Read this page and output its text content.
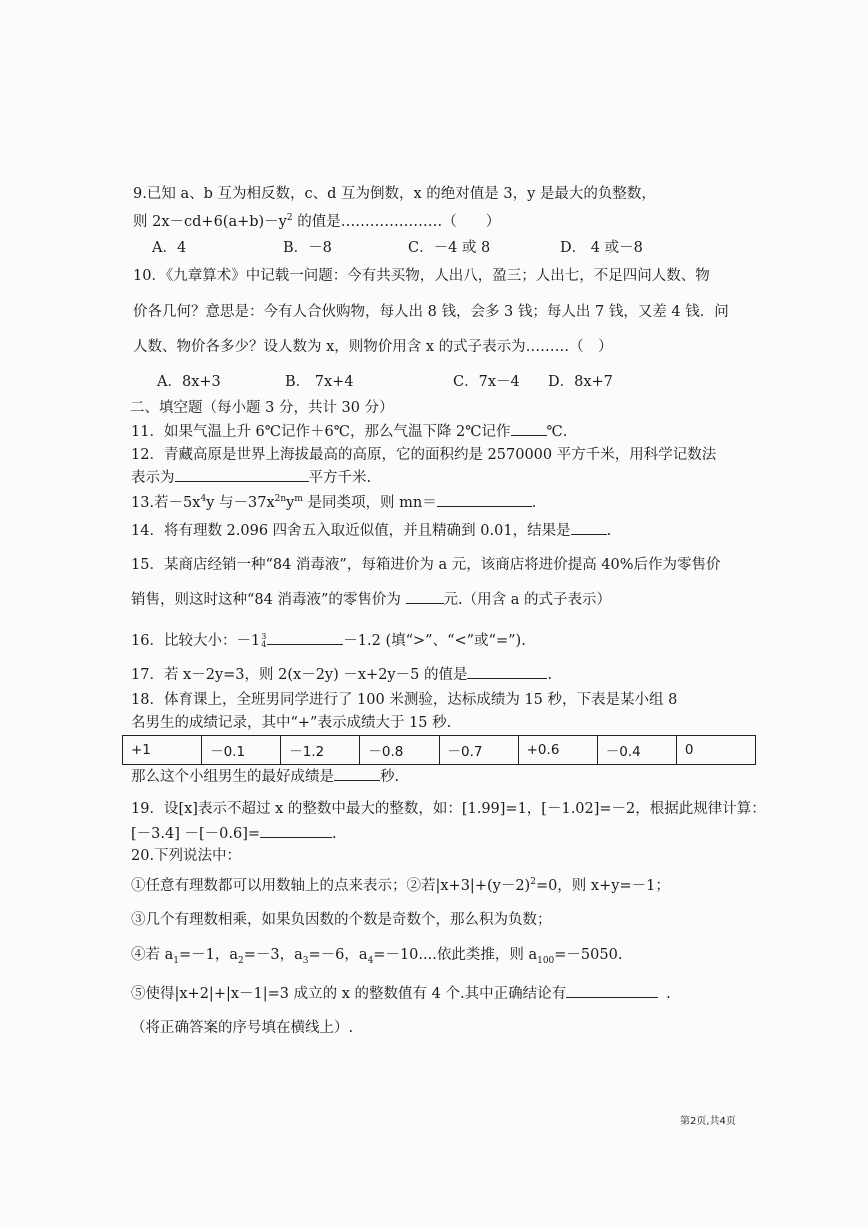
9.已知 a、b 互为相反数，c、d 互为倒数，x 的绝对值是 3，y 是最大的负整数，
则 $2x-cd+6(a+b)-y^2$ 的值是…………………（　　）
A．4	B．－8	C．－4 或 8	D． 4 或－8
10．《九章算术》中记载一问题：今有共买物，人出八，盈三；人出七，不足四问人数、物
价各几何？意思是：今有人合伙购物，每人出 8 钱，会多 3 钱；每人出 7 钱，又差 4 钱．问
人数、物价各多少？设人数为 x，则物价用含 x 的式子表示为………（　）
A．8x+3	B． 7x+4	C．7x－4 D．8x+7
二、填空题（每小题 3 分，共计 30 分）
11．如果气温上升 6℃记作＋6℃，那么气温下降 2℃记作 ℃.
12．青藏高原是世界上海拔最高的高原，它的面积约是 2570000 平方千米，用科学记数法
表示为	平方千米.
13.若$-5x^4y$ 与$-37x^{2n}y^m$ 是同类项，则 mn＝	.
14．将有理数 2.096 四舍五入取近似值，并且精确到 0.01，结果是 .
15．某商店经销一种“84 消毒液”，每箱进价为 a 元，该商店将进价提高 40%后作为零售价
销售，则这时这种“84 消毒液”的零售价为	元.（用含 a 的式子表示）
16．比较大小：－13
4	－1.2 (填“>”、“<”或“=”).
17．若 x－2y=3，则 2(x－2y) －x+2y－5 的值是	.
18．体育课上，全班男同学进行了 100 米测验，达标成绩为 15 秒，下表是某小组 8
名男生的成绩记录，其中“+”表示成绩大于 15 秒.
+1	－0.1	－1.2	－0.8	－0.7	+0.6	－0.4	0
那么这个小组男生的最好成绩是	秒.
19．设[x]表示不超过 x 的整数中最大的整数，如：[1.99]=1，[－1.02]=－2，根据此规律计算：
[－3.4] －[－0.6]=	.
20.下列说法中：
①任意有理数都可以用数轴上的点来表示；②若$|x+3|+(y-2)^2=0$，则 x+y=－1；
③几个有理数相乘，如果负因数的个数是奇数个，那么积为负数；
④若 $a_1=-1$，$a_2=-3$，$a_3=-6$，$a_4=-10$....依此类推，则 $a_{100}=-5050$.
⑤使得|x+2|+|x－1|=3 成立的 x 的整数值有 4 个.其中正确结论有	.
（将正确答案的序号填在横线上）.
第2页,共4页
